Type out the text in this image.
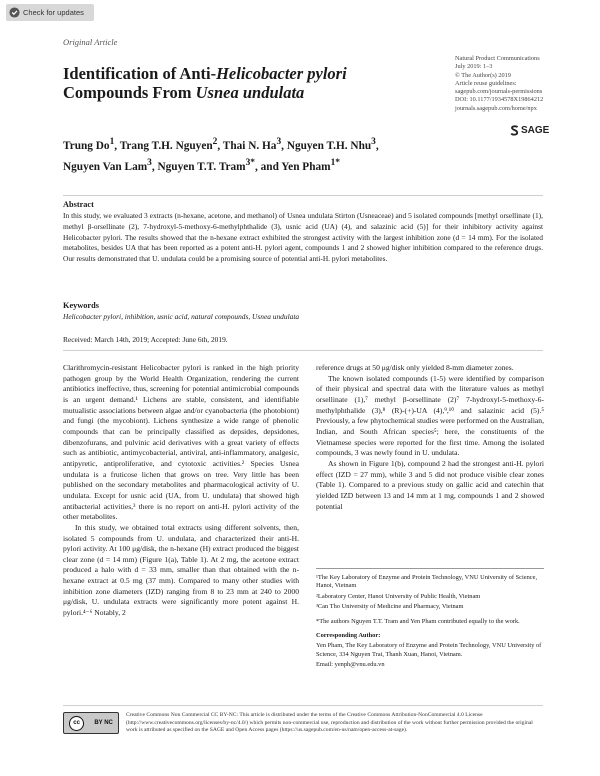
Check for updates
Original Article
Identification of Anti-Helicobacter pylori
Compounds From Usnea undulata
Natural Product Communications
July 2019: 1–3
© The Author(s) 2019
Article reuse guidelines:
sagepub.com/journals-permissions
DOI: 10.1177/1934578X19864212
journals.sagepub.com/home/npx
SAGE
Trung Do$^1$, Trang T.H. Nguyen$^2$, Thai N. Ha$^3$, Nguyen T.H. Nhu$^3$,
Nguyen Van Lam$^3$, Nguyen T.T. Tram$^{3*}$, and Yen Pham$^{1*}$
Abstract
In this study, we evaluated 3 extracts (n-hexane, acetone, and methanol) of Usnea undulata Stirton (Usneaceae) and 5 isolated compounds [methyl orsellinate (1), methyl β-orsellinate (2), 7-hydroxyl-5-methoxy-6-methylphthalide (3), usnic acid (UA) (4), and salazinic acid (5)] for their inhibitory activity against Helicobacter pylori. The results showed that the n-hexane extract exhibited the strongest activity with the largest inhibition zone (d = 14 mm). For the isolated metabolites, besides UA that has been reported as a potent anti-H. pylori agent, compounds 1 and 2 showed higher inhibition compared to the reference drugs. Our results demonstrated that U. undulata could be a promising source of potential anti-H. pylori metabolites.
Keywords
Helicobacter pylori, inhibition, usnic acid, natural compounds, Usnea undulata
Received: March 14th, 2019; Accepted: June 6th, 2019.

Clarithromycin-resistant Helicobacter pylori is ranked in the high priority pathogen group by the World Health Organization, rendering the current antibiotics ineffective, thus, screening for potential antimicrobial compounds is an urgent demand.¹ Lichens are stable, consistent, and identifiable mutualistic associations between algae and/or cyanobacteria (the photobiont) and fungi (the mycobiont). Lichens synthesize a wide range of phenolic compounds that can be principally classified as depsides, depsidones, dibenzofurans, and pulvinic acid derivatives with a great variety of effects such as antibiotic, antimycobacterial, antiviral, anti-inflammatory, analgesic, antipyretic, antiproliferative, and cytotoxic activities.² Species Usnea undulata is a fruticose lichen that grows on tree. Very little has been published on the secondary metabolites and pharmacological activity of U. undulata. Except for usnic acid (UA, from U. undulata) that showed high antibacterial activities,³ there is no report on anti-H. pylori activity of the other metabolites.

In this study, we obtained total extracts using different solvents, then, isolated 5 compounds from U. undulata, and characterized their anti-H. pylori activity. At 100 μg/disk, the n-hexane (H) extract produced the biggest clear zone (d = 14 mm) (Figure 1(a), Table 1). At 2 mg, the acetone extract produced a halo with d = 33 mm, smaller than that obtained with the n-hexane extract at 0.5 mg (37 mm). Compared to many other studies with inhibition zone diameters (IZD) ranging from 8 to 23 mm at 240 to 2000 μg/disk, U. undulata extracts were significantly more potent against H. pylori.⁴⁻⁶ Notably, 2

reference drugs at 50 μg/disk only yielded 8-mm diameter zones.

The known isolated compounds (1-5) were identified by comparison of their physical and spectral data with the literature values as methyl orsellinate (1),⁷ methyl β-orsellinate (2)⁷ 7-hydroxyl-5-methoxy-6-methylphthalide (3),⁸ (R)-(+)-UA (4),⁹,¹⁰ and salazinic acid (5).⁵ Previously, a few phytochemical studies were performed on the Australian, Indian, and South African species⁵; here, the constituents of the Vietnamese species were reported for the first time. Among the isolated compounds, 3 was newly found in U. undulata.

As shown in Figure 1(b), compound 2 had the strongest anti-H. pylori effect (IZD = 27 mm), while 3 and 5 did not produce visible clear zones (Table 1). Compared to a previous study on gallic acid and catechin that yielded IZD between 13 and 14 mm at 1 mg, compounds 1 and 2 showed potential

¹The Key Laboratory of Enzyme and Protein Technology, VNU University of Science, Hanoi, Vietnam

²Laboratory Center, Hanoi University of Public Health, Vietnam

³Can Tho University of Medicine and Pharmacy, Vietnam

*The authors Nguyen T.T. Tram and Yen Pham contributed equally to the work.

Corresponding Author:

Yen Pham, The Key Laboratory of Enzyme and Protein Technology, VNU University of Science, 334 Nguyen Trai, Thanh Xuan, Hanoi, Vietnam.

Email: yenph@vnu.edu.vn

cc	BY NC
Creative Commons Non Commercial CC BY-NC: This article is distributed under the terms of the Creative Commons Attribution-NonCommercial 4.0 License (http://www.creativecommons.org/licenses/by-nc/4.0/) which permits non-commercial use, reproduction and distribution of the work without further permission provided the original work is attributed as specified on the SAGE and Open Access pages (https://us.sagepub.com/en-us/nam/open-access-at-sage).
